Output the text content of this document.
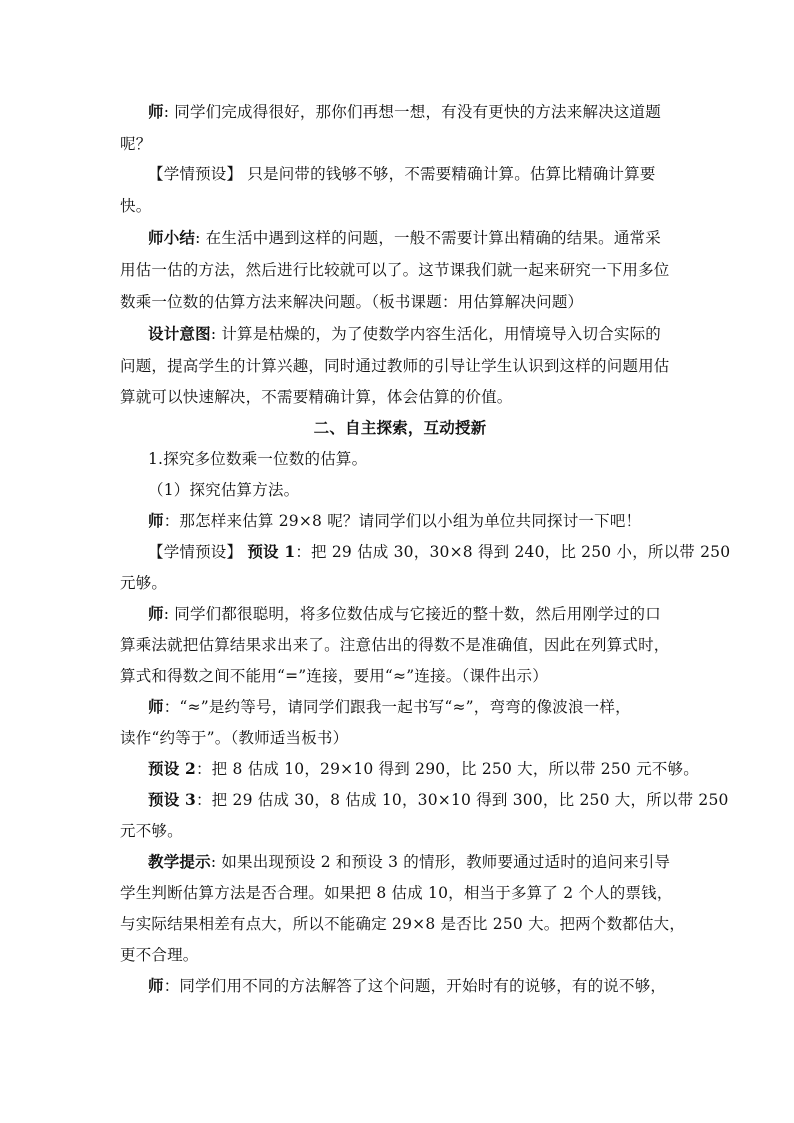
师: 同学们完成得很好，那你们再想一想，有没有更快的方法来解决这道题
呢？
【学情预设】 只是问带的钱够不够，不需要精确计算。估算比精确计算要
快。
师小结: 在生活中遇到这样的问题，一般不需要计算出精确的结果。通常采
用估一估的方法，然后进行比较就可以了。这节课我们就一起来研究一下用多位
数乘一位数的估算方法来解决问题。（板书课题：用估算解决问题）
设计意图: 计算是枯燥的，为了使数学内容生活化，用情境导入切合实际的
问题，提高学生的计算兴趣，同时通过教师的引导让学生认识到这样的问题用估
算就可以快速解决，不需要精确计算，体会估算的价值。
二、自主探索，互动授新
1.探究多位数乘一位数的估算。
（1）探究估算方法。
师：那怎样来估算 29×8 呢？请同学们以小组为单位共同探讨一下吧！
【学情预设】 预设 1：把 29 估成 30，30×8 得到 240，比 250 小，所以带 250
元够。
师: 同学们都很聪明，将多位数估成与它接近的整十数，然后用刚学过的口
算乘法就把估算结果求出来了。注意估出的得数不是准确值，因此在列算式时，
算式和得数之间不能用“=”连接，要用“≈”连接。（课件出示）
师：“≈”是约等号，请同学们跟我一起书写“≈”，弯弯的像波浪一样，
读作“约等于”。（教师适当板书）
预设 2：把 8 估成 10，29×10 得到 290，比 250 大，所以带 250 元不够。
预设 3：把 29 估成 30，8 估成 10，30×10 得到 300，比 250 大，所以带 250
元不够。
教学提示: 如果出现预设 2 和预设 3 的情形，教师要通过适时的追问来引导
学生判断估算方法是否合理。如果把 8 估成 10，相当于多算了 2 个人的票钱，
与实际结果相差有点大，所以不能确定 29×8 是否比 250 大。把两个数都估大，
更不合理。
师：同学们用不同的方法解答了这个问题，开始时有的说够，有的说不够，
